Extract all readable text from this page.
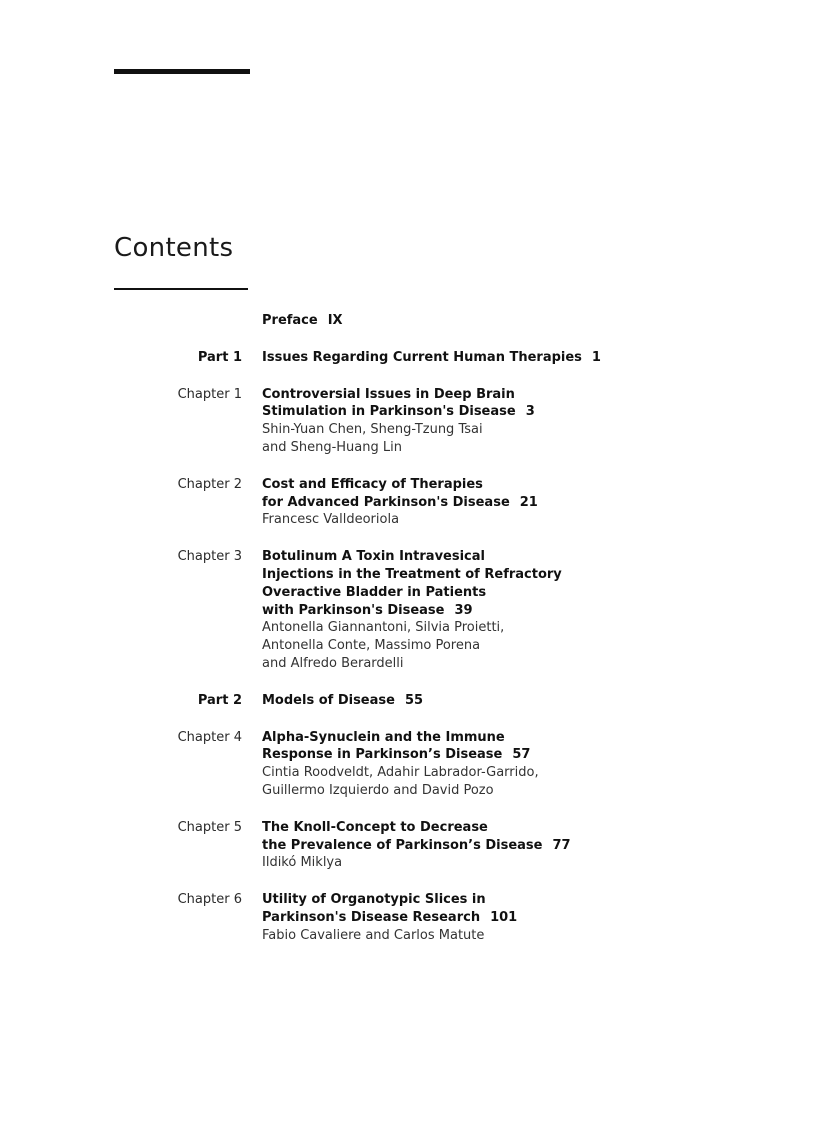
Contents
Preface IX
Part 1 Issues Regarding Current Human Therapies 1
Chapter 1 Controversial Issues in Deep Brain
Stimulation in Parkinson's Disease 3
Shin-Yuan Chen, Sheng-Tzung Tsai
and Sheng-Huang Lin
Chapter 2 Cost and Efficacy of Therapies
for Advanced Parkinson's Disease 21
Francesc Valldeoriola
Chapter 3 Botulinum A Toxin Intravesical
Injections in the Treatment of Refractory
Overactive Bladder in Patients
with Parkinson's Disease 39
Antonella Giannantoni, Silvia Proietti,
Antonella Conte, Massimo Porena
and Alfredo Berardelli
Part 2 Models of Disease 55
Chapter 4 Alpha-Synuclein and the Immune
Response in Parkinson’s Disease 57
Cintia Roodveldt, Adahir Labrador-Garrido,
Guillermo Izquierdo and David Pozo
Chapter 5 The Knoll-Concept to Decrease
the Prevalence of Parkinson’s Disease 77
Ildikó Miklya
Chapter 6 Utility of Organotypic Slices in
Parkinson's Disease Research 101
Fabio Cavaliere and Carlos Matute
